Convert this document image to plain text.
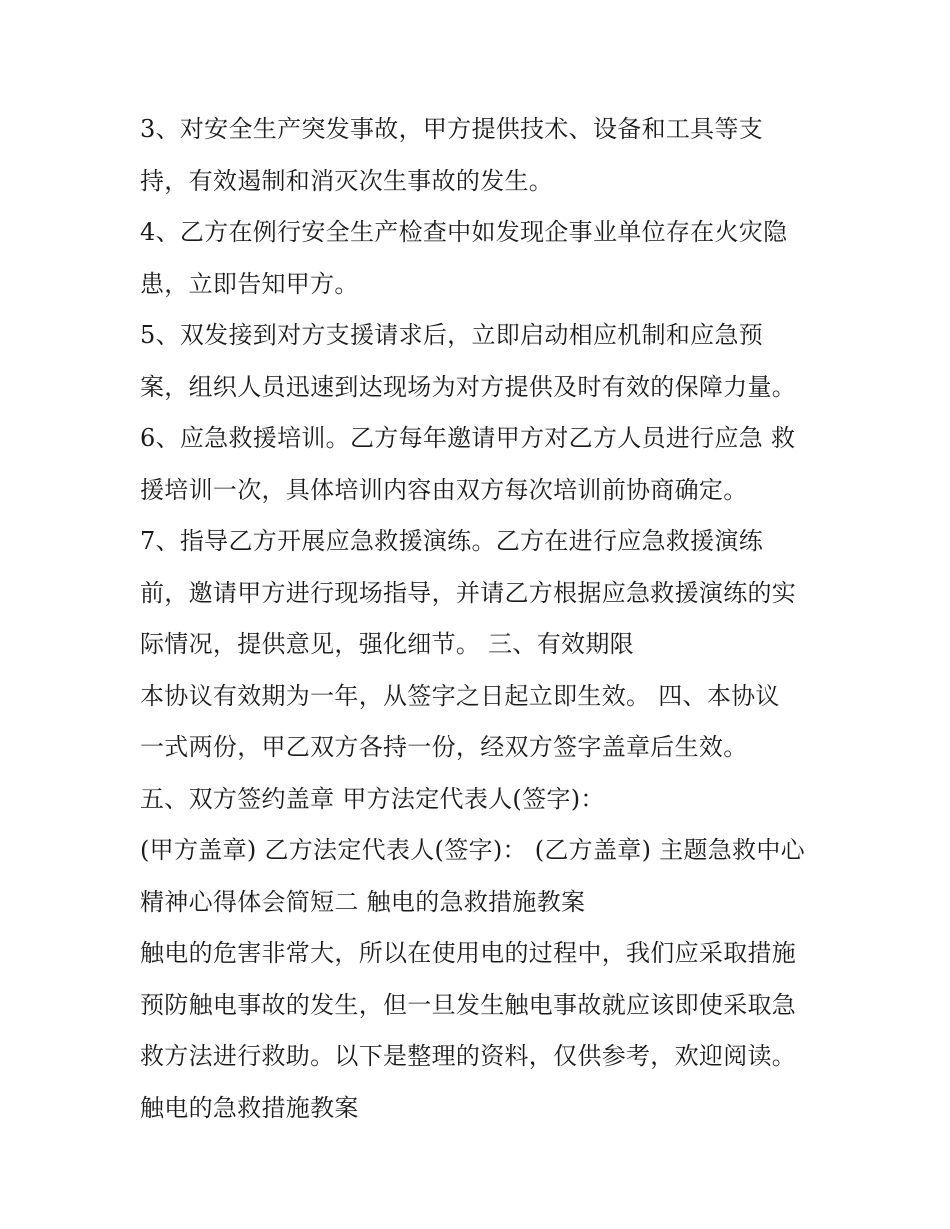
3、对安全生产突发事故，甲方提供技术、设备和工具等支
持，有效遏制和消灭次生事故的发生。
4、乙方在例行安全生产检查中如发现企事业单位存在火灾隐
患，立即告知甲方。
5、双发接到对方支援请求后，立即启动相应机制和应急预
案，组织人员迅速到达现场为对方提供及时有效的保障力量。
6、应急救援培训。乙方每年邀请甲方对乙方人员进行应急 救
援培训一次，具体培训内容由双方每次培训前协商确定。
7、指导乙方开展应急救援演练。乙方在进行应急救援演练
前，邀请甲方进行现场指导，并请乙方根据应急救援演练的实
际情况，提供意见，强化细节。 三、有效期限
本协议有效期为一年，从签字之日起立即生效。 四、本协议
一式两份，甲乙双方各持一份，经双方签字盖章后生效。
五、双方签约盖章 甲方法定代表人(签字)：
(甲方盖章) 乙方法定代表人(签字)： (乙方盖章) 主题急救中心
精神心得体会简短二 触电的急救措施教案
触电的危害非常大，所以在使用电的过程中，我们应采取措施
预防触电事故的发生，但一旦发生触电事故就应该即使采取急
救方法进行救助。以下是整理的资料，仅供参考，欢迎阅读。
触电的急救措施教案
